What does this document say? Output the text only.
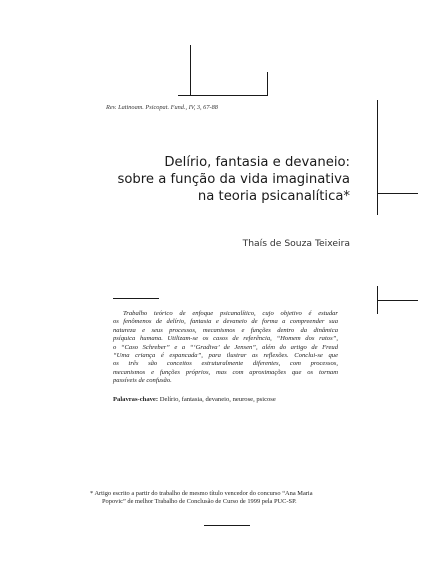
Rev. Latinoam. Psicopat. Fund., IV, 3, 67-88
Delírio, fantasia e devaneio:
sobre a função da vida imaginativa
na teoria psicanalítica*
Thaís de Souza Teixeira
Trabalho teórico de enfoque psicanalítico, cujo objetivo é estudar
os fenômenos de delírio, fantasia e devaneio de forma a compreender sua
natureza e seus processos, mecanismos e funções dentro da dinâmica
psíquica humana. Utilizam-se os casos de referência, “Homem dos ratos”,
o “Caso Schreber” e a “‘Gradiva’ de Jensen”, além do artigo de Freud
“Uma criança é espancada”, para ilustrar as reflexões. Conclui-se que
os três são conceitos estruturalmente diferentes, com processos,
mecanismos e funções próprios, mas com aproximações que os tornam
passíveis de confusão.
Palavras-chave: Delírio, fantasia, devaneio, neurose, psicose
* Artigo escrito a partir do trabalho de mesmo título vencedor do concurso “Ana Maria
Popovic” de melhor Trabalho de Conclusão de Curso de 1999 pela PUC-SP.
